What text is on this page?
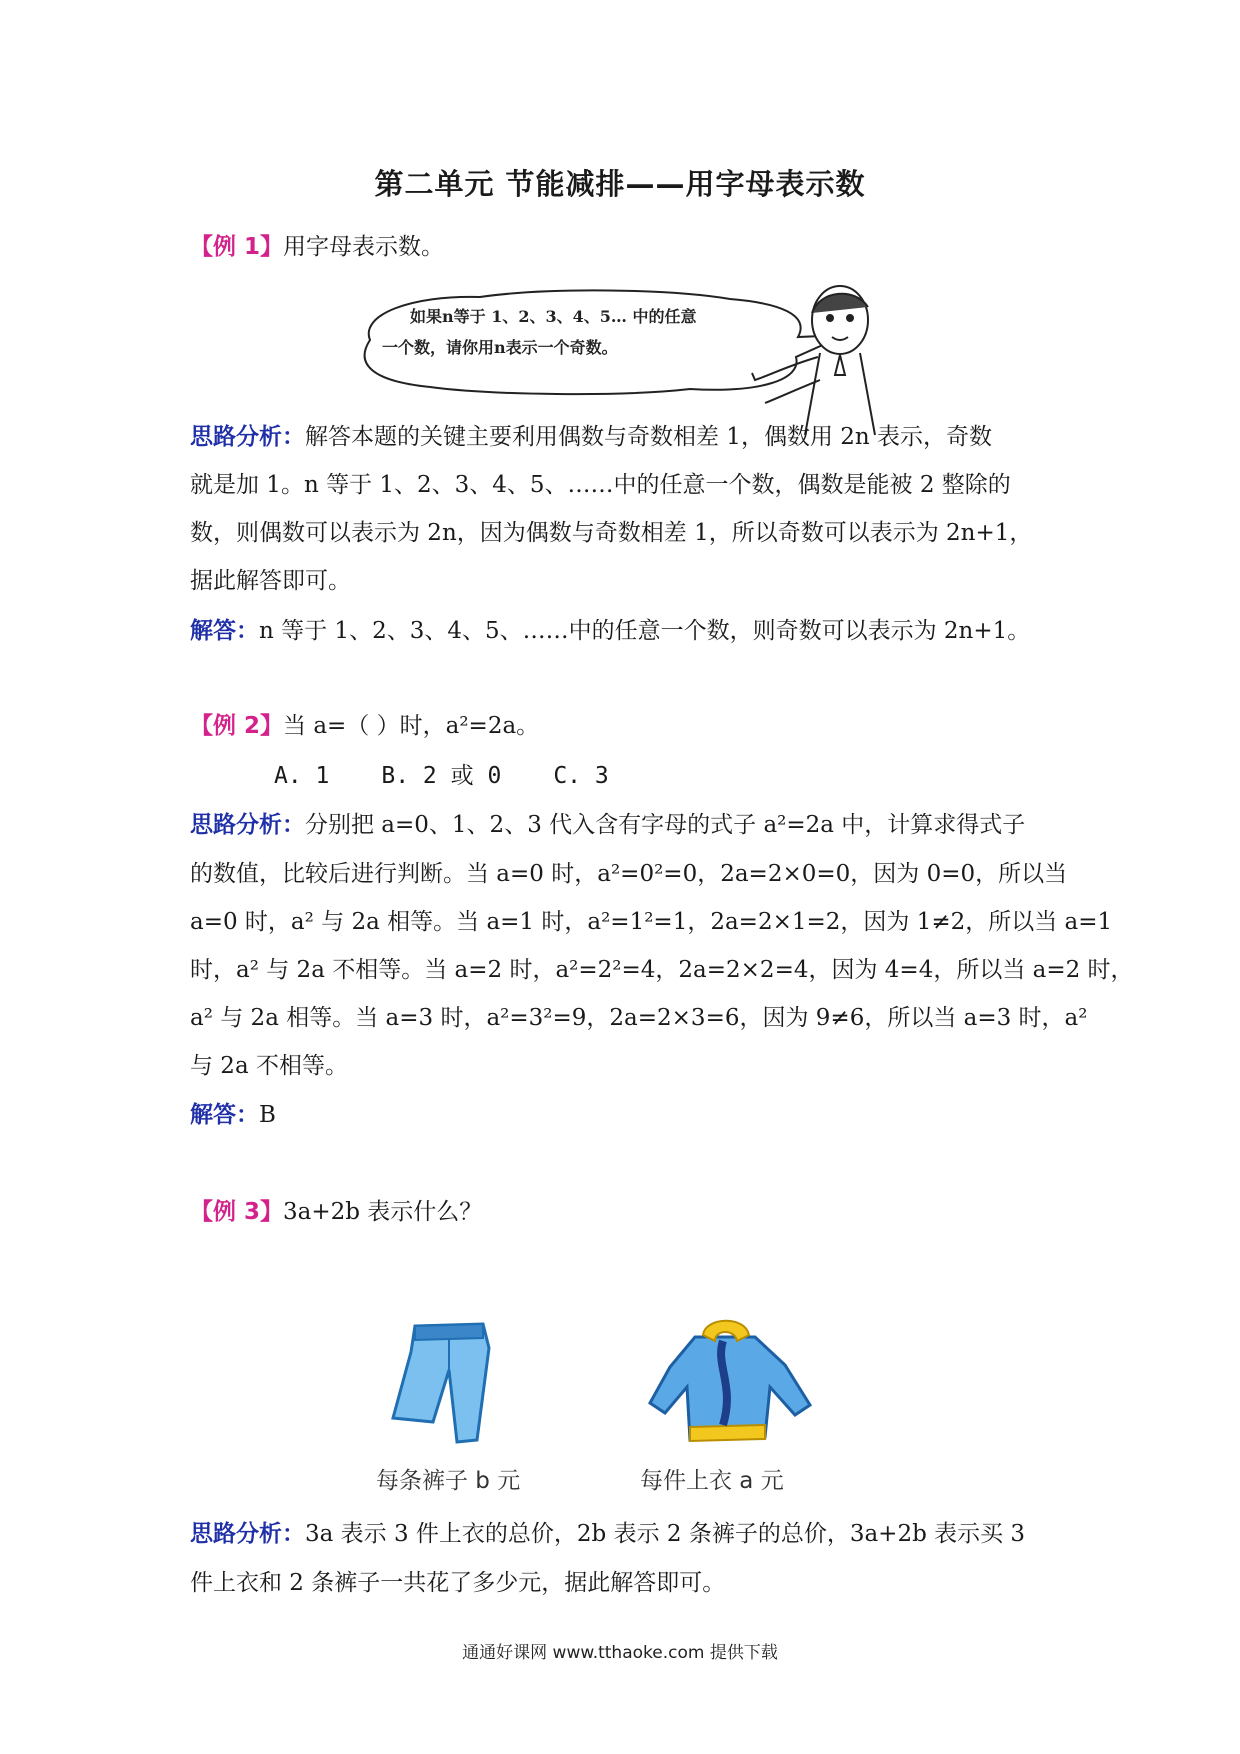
第二单元 节能减排——用字母表示数
【例 1】用字母表示数。
如果n等于 1、2、3、4、5… 中的任意
一个数，请你用n表示一个奇数。
思路分析：解答本题的关键主要利用偶数与奇数相差 1，偶数用 2n 表示，奇数
就是加 1。n 等于 1、2、3、4、5、……中的任意一个数，偶数是能被 2 整除的
数，则偶数可以表示为 2n，因为偶数与奇数相差 1，所以奇数可以表示为 2n+1，
据此解答即可。
解答：n 等于 1、2、3、4、5、……中的任意一个数，则奇数可以表示为 2n+1。
【例 2】当 a=（ ）时，a²=2a。
A. 1 B. 2 或 0 C. 3
思路分析：分别把 a=0、1、2、3 代入含有字母的式子 a²=2a 中，计算求得式子
的数值，比较后进行判断。当 a=0 时，a²=0²=0，2a=2×0=0，因为 0=0，所以当
a=0 时，a² 与 2a 相等。当 a=1 时，a²=1²=1，2a=2×1=2，因为 1≠2，所以当 a=1
时，a² 与 2a 不相等。当 a=2 时，a²=2²=4，2a=2×2=4，因为 4=4，所以当 a=2 时，
a² 与 2a 相等。当 a=3 时，a²=3²=9，2a=2×3=6，因为 9≠6，所以当 a=3 时，a²
与 2a 不相等。
解答：B
【例 3】3a+2b 表示什么？
每条裤子 b 元	每件上衣 a 元
思路分析：3a 表示 3 件上衣的总价，2b 表示 2 条裤子的总价，3a+2b 表示买 3
件上衣和 2 条裤子一共花了多少元，据此解答即可。
通通好课网 www.tthaoke.com 提供下载
